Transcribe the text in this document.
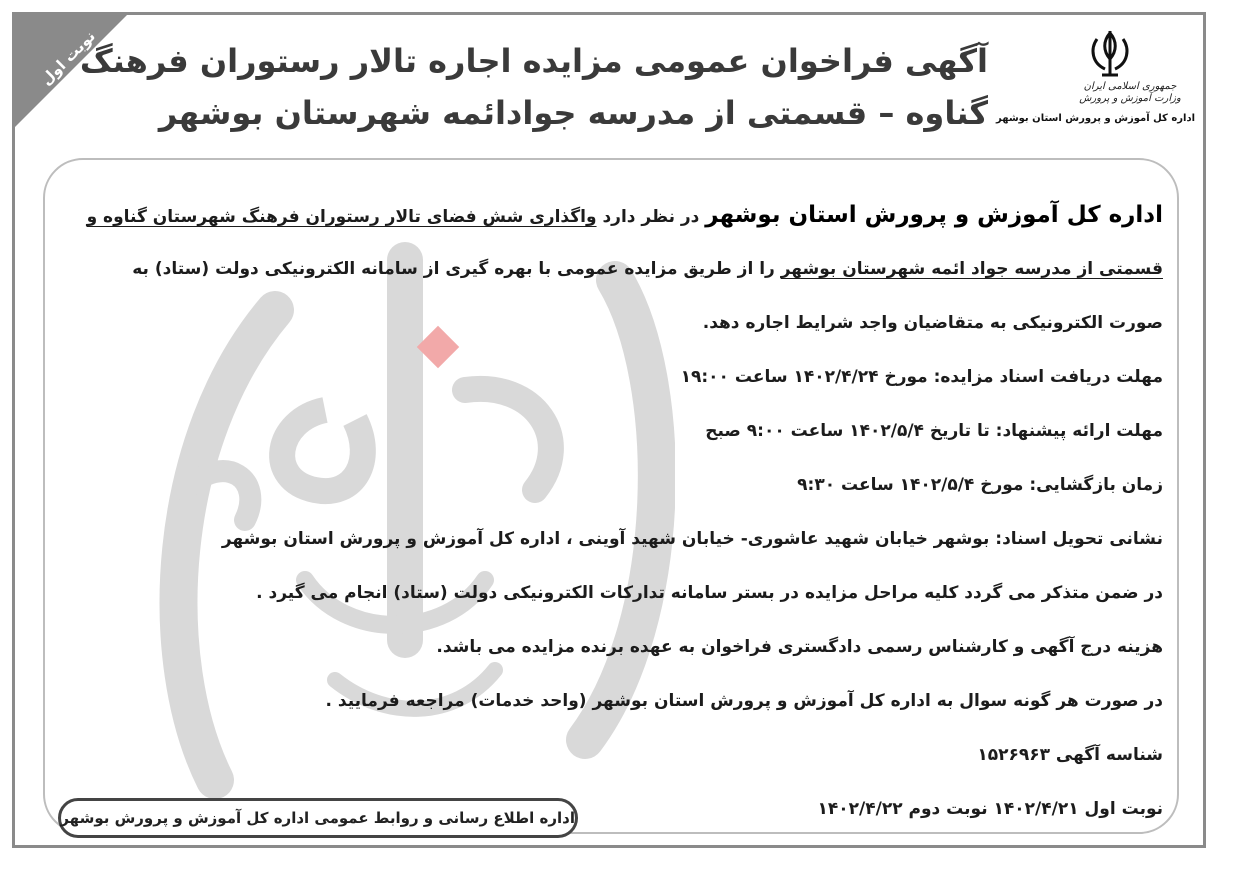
جمهوری اسلامی ایران
وزارت آموزش و پرورش
اداره کل آموزش و پرورش استان بوشهر
آگهی فراخوان عمومی مزایده اجاره تالار رستوران فرهنگ
گناوه – قسمتی از مدرسه جوادائمه شهرستان بوشهر
نوبت اول
اداره کل آموزش و پرورش استان بوشهر در نظر دارد واگذاری شش فضای تالار رستوران فرهنگ شهرستان گناوه و
قسمتی از مدرسه جواد ائمه شهرستان بوشهر را از طریق مزایده عمومی با بهره گیری از سامانه الکترونیکی دولت (ستاد) به
صورت الکترونیکی به متقاضیان واجد شرایط اجاره دهد.
مهلت دریافت اسناد مزایده: مورخ ۱۴۰۲/۴/۲۴ ساعت ۱۹:۰۰
مهلت ارائه پیشنهاد: تا تاریخ ۱۴۰۲/۵/۴ ساعت ۹:۰۰ صبح
زمان بازگشایی: مورخ ۱۴۰۲/۵/۴ ساعت ۹:۳۰
نشانی تحویل اسناد: بوشهر خیابان شهید عاشوری- خیابان شهید آوینی ، اداره کل آموزش و پرورش استان بوشهر
در ضمن متذکر می گردد کلیه مراحل مزایده در بستر سامانه تدارکات الکترونیکی دولت (ستاد) انجام می گیرد .
هزینه درج آگهی و کارشناس رسمی دادگستری فراخوان به عهده برنده مزایده می باشد.
در صورت هر گونه سوال به اداره کل آموزش و پرورش استان بوشهر (واحد خدمات) مراجعه فرمایید .
شناسه آگهی ۱۵۲۶۹۶۳
نوبت اول ۱۴۰۲/۴/۲۱ نوبت دوم ۱۴۰۲/۴/۲۲
اداره اطلاع رسانی و روابط عمومی اداره کل آموزش و پرورش بوشهر
